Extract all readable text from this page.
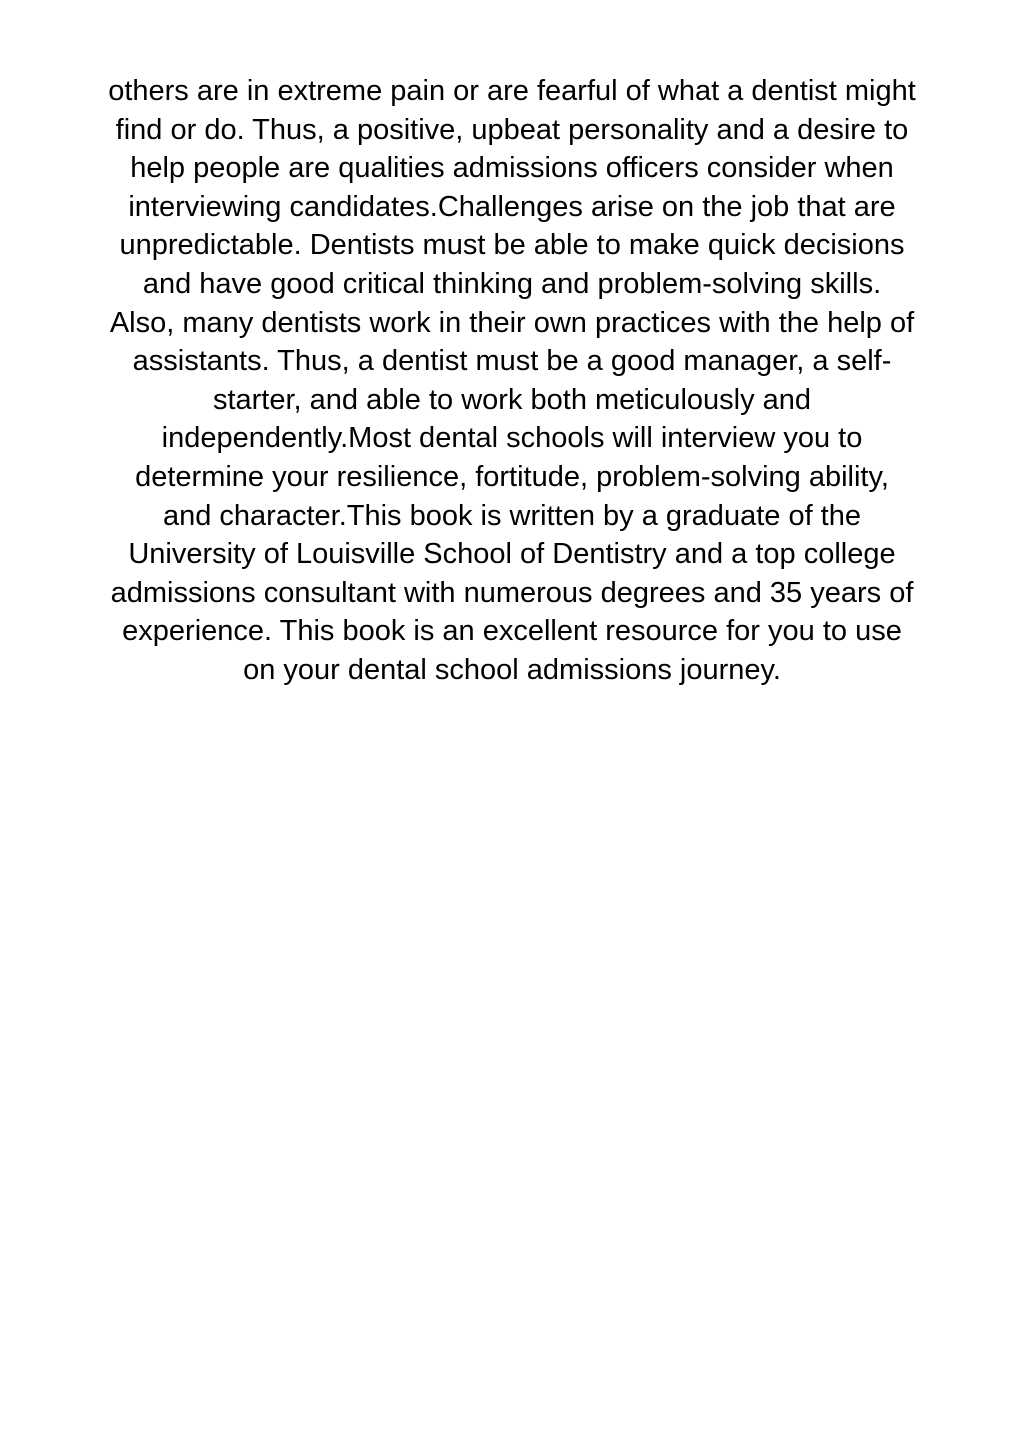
others are in extreme pain or are fearful of what a dentist might
find or do. Thus, a positive, upbeat personality and a desire to
help people are qualities admissions officers consider when
interviewing candidates.Challenges arise on the job that are
unpredictable. Dentists must be able to make quick decisions
and have good critical thinking and problem-solving skills.
Also, many dentists work in their own practices with the help of
assistants. Thus, a dentist must be a good manager, a self-
starter, and able to work both meticulously and
independently.Most dental schools will interview you to
determine your resilience, fortitude, problem-solving ability,
and character.This book is written by a graduate of the
University of Louisville School of Dentistry and a top college
admissions consultant with numerous degrees and 35 years of
experience. This book is an excellent resource for you to use
on your dental school admissions journey.
